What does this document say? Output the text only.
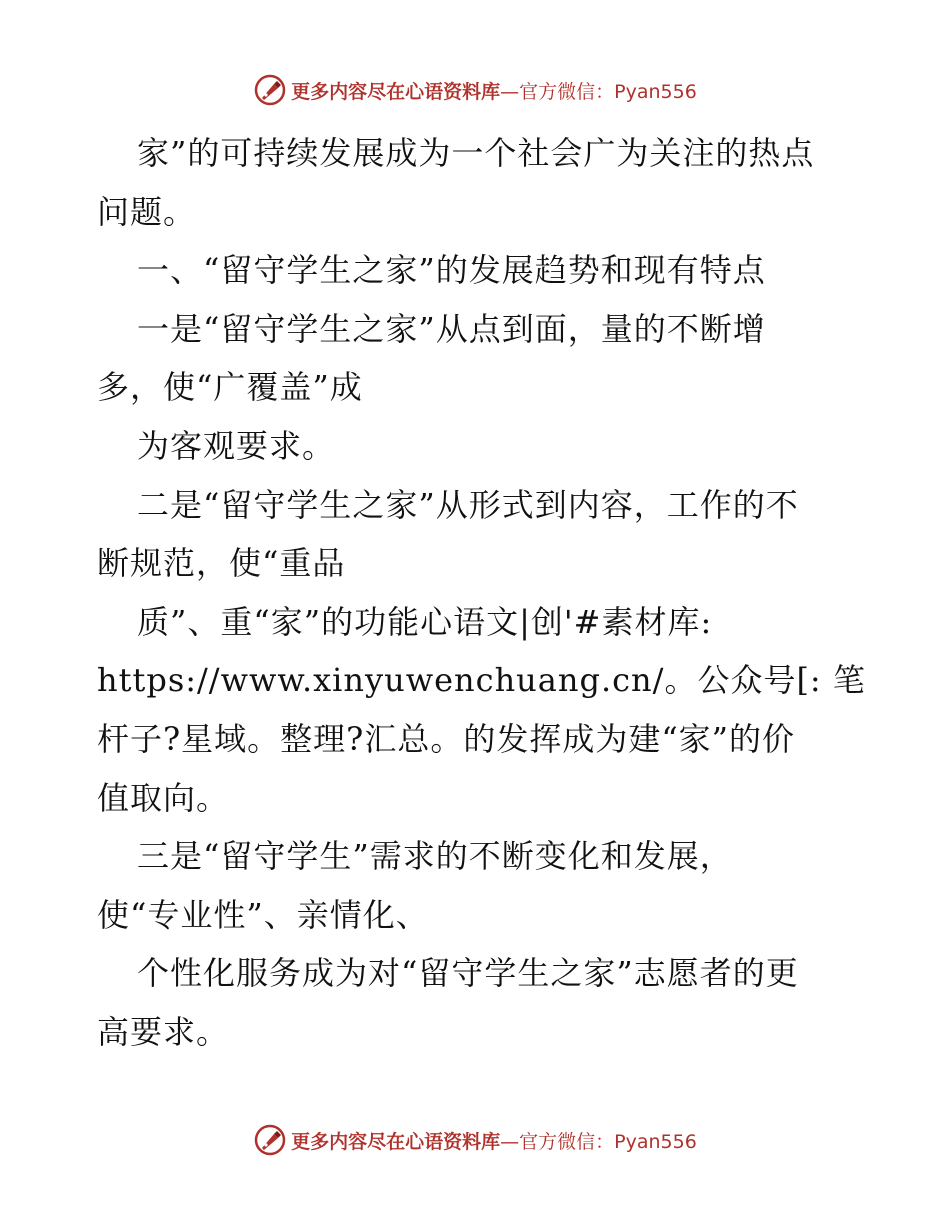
更多内容尽在心语资料库—官方微信：Pyan556
家”的可持续发展成为一个社会广为关注的热点
问题。
一、“留守学生之家”的发展趋势和现有特点
一是“留守学生之家”从点到面，量的不断增
多，使“广覆盖”成
为客观要求。
二是“留守学生之家”从形式到内容，工作的不
断规范，使“重品
质”、重“家”的功能心语文|创'#素材库:
https://www.xinyuwenchuang.cn/。公众号[: 笔
杆子?星域。整理?汇总。的发挥成为建“家”的价
值取向。
三是“留守学生”需求的不断变化和发展，
使“专业性”、亲情化、
个性化服务成为对“留守学生之家”志愿者的更
高要求。
更多内容尽在心语资料库—官方微信：Pyan556
